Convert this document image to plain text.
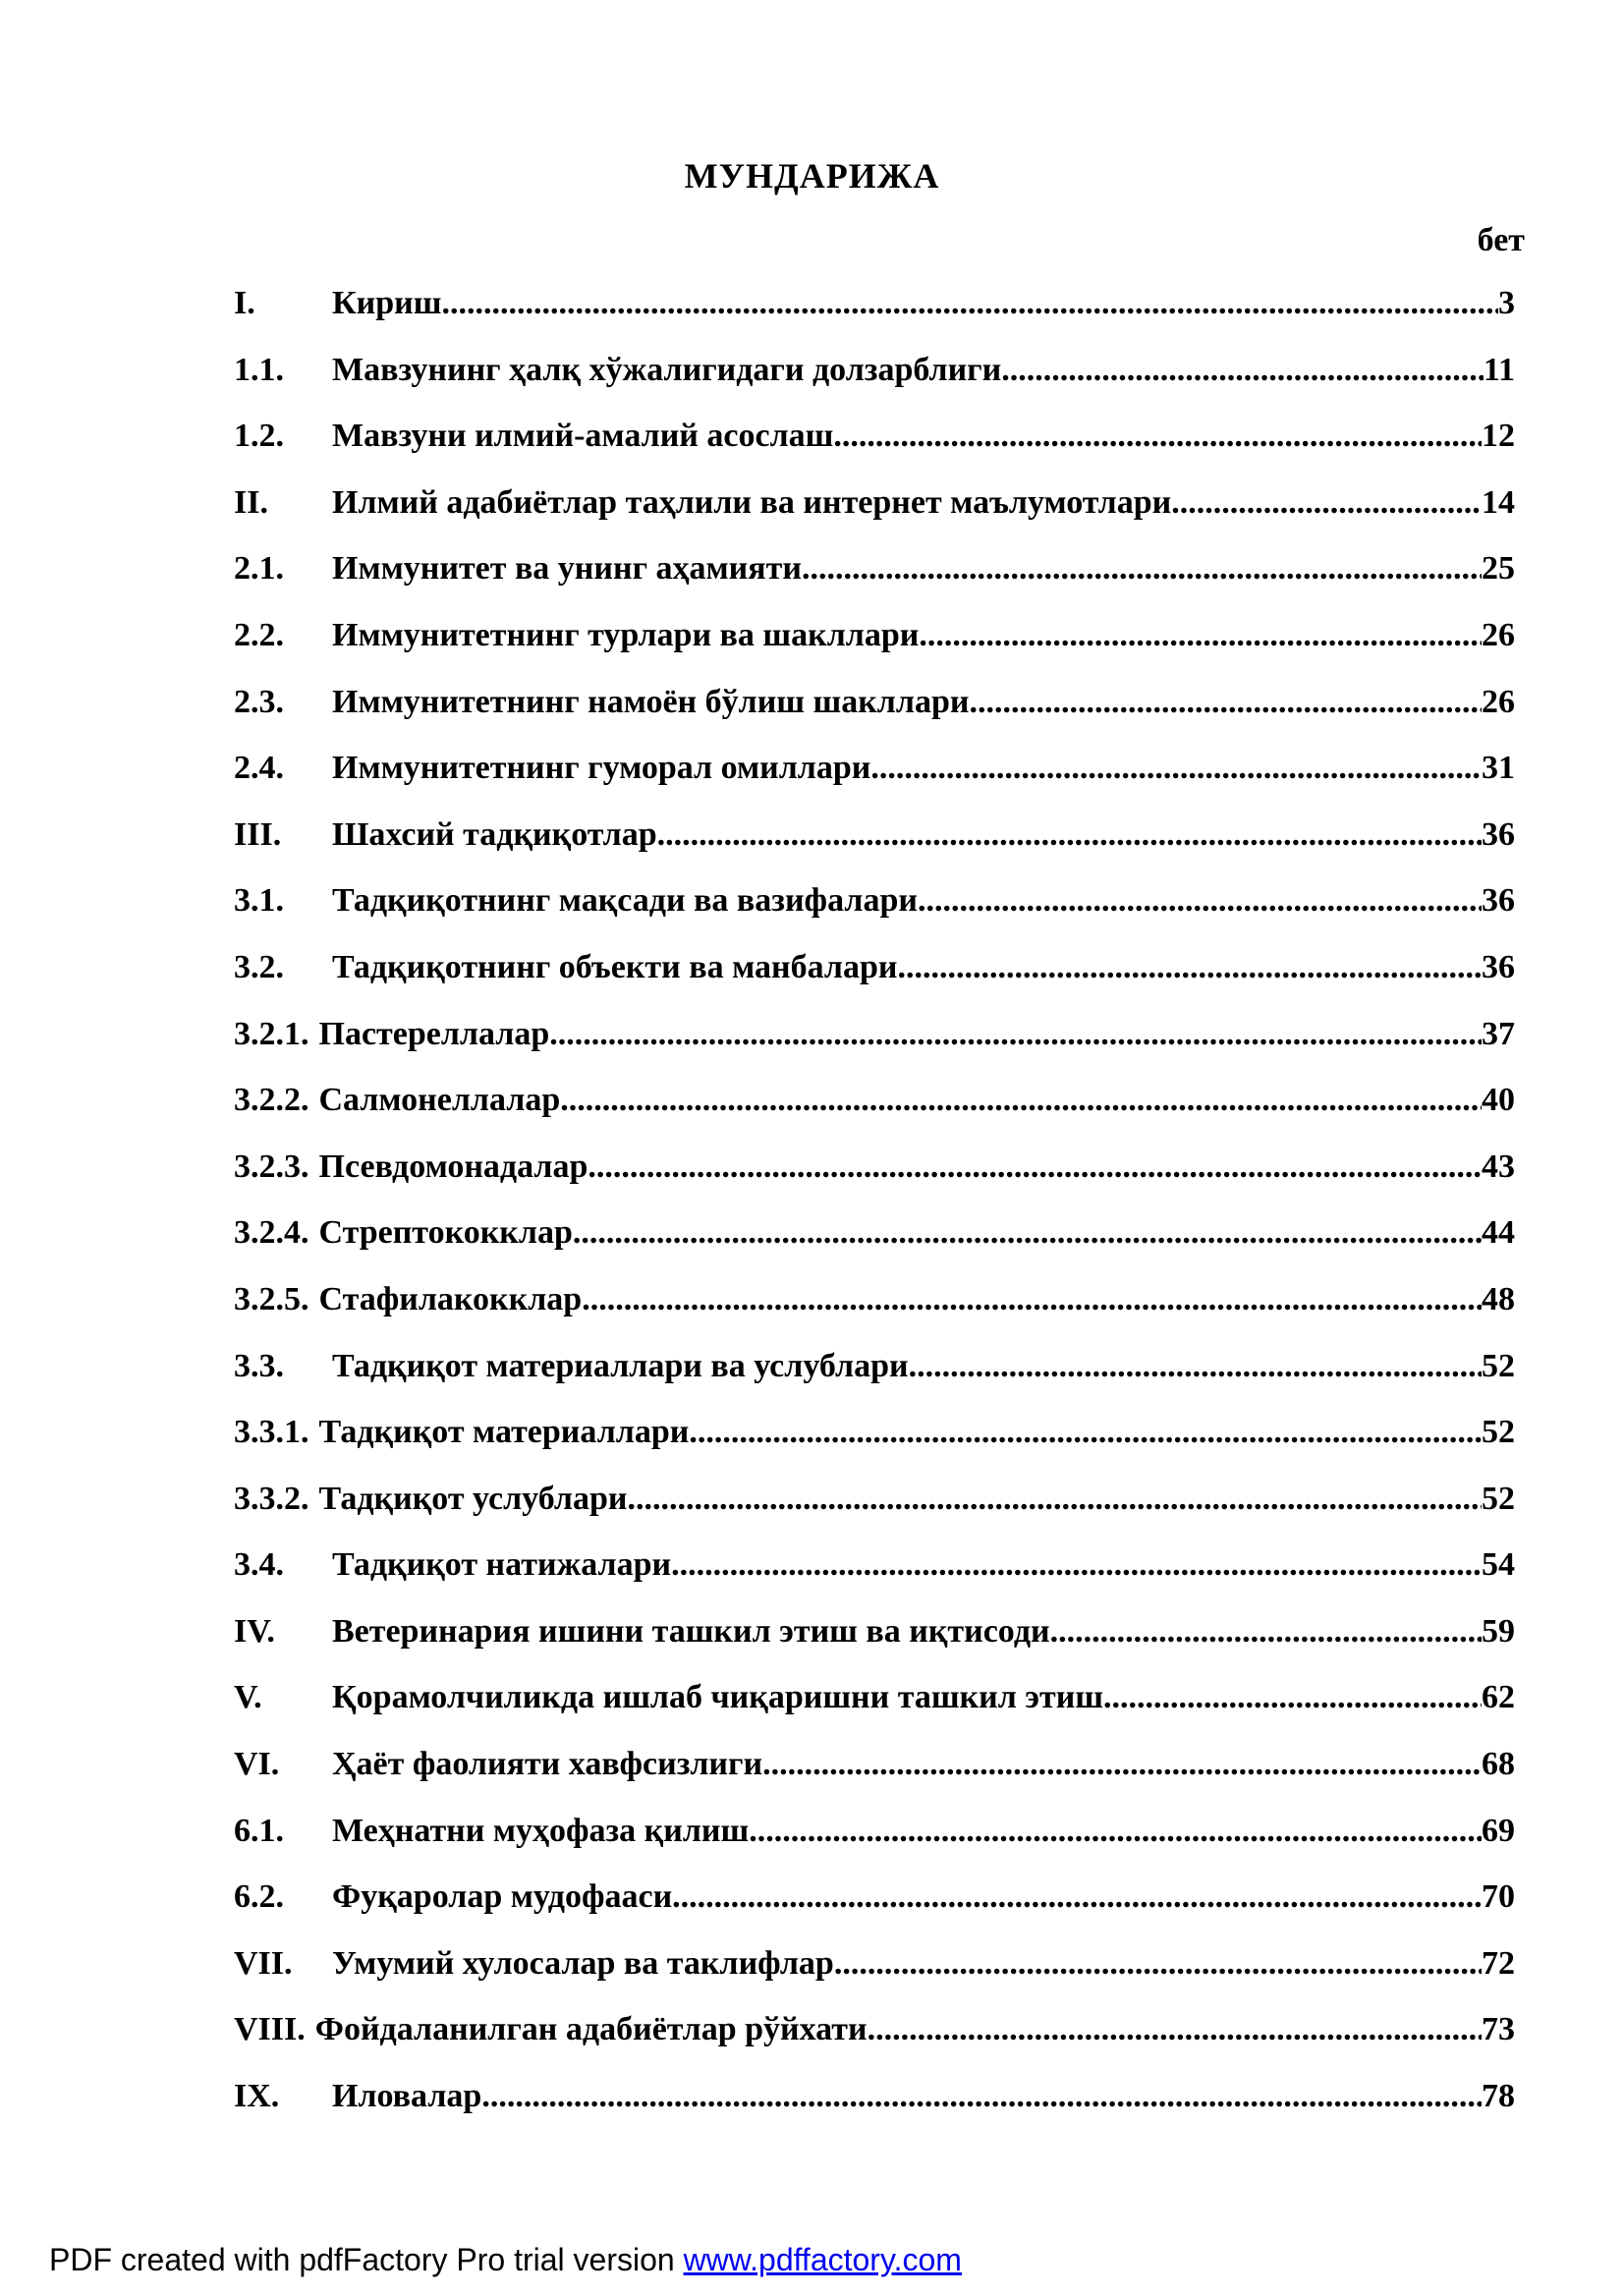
МУНДАРИЖА
бет
I.	Кириш .....	3
1.1.	Мавзунинг ҳалқ хўжалигидаги долзарблиги .....	11
1.2.	Мавзуни илмий-амалий асослаш .....	12
II.	Илмий адабиётлар таҳлили ва интернет маълумотлари .....	14
2.1.	Иммунитет ва унинг аҳамияти .....	25
2.2.	Иммунитетнинг турлари ва шакллари .....	26
2.3.	Иммунитетнинг намоён бўлиш шакллари .....	26
2.4.	Иммунитетнинг гуморал омиллари .....	31
III.	Шахсий тадқиқотлар .....	36
3.1.	Тадқиқотнинг мақсади ва вазифалари .....	36
3.2.	Тадқиқотнинг объекти ва манбалари .....	36
3.2.1. Пастереллалар .....	37
3.2.2. Салмонеллалар .....	40
3.2.3. Псевдомонадалар .....	43
3.2.4. Стрептококклар .....	44
3.2.5. Стафилакокклар .....	48
3.3.	Тадқиқот материаллари ва услублари .....	52
3.3.1. Тадқиқот материаллари .....	52
3.3.2. Тадқиқот услублари .....	52
3.4.	Тадқиқот натижалари .....	54
IV.	Ветеринария ишини ташкил этиш ва иқтисоди .....	59
V.	Қорамолчиликда ишлаб чиқаришни ташкил этиш .....	62
VI.	Ҳаёт фаолияти хавфсизлиги .....	68
6.1.	Меҳнатни муҳофаза қилиш .....	69
6.2.	Фуқаролар мудофааси .....	70
VII.	Умумий хулосалар ва таклифлар .....	72
VIII. Фойдаланилган адабиётлар рўйхати .....	73
IX.	Иловалар .....	78
PDF created with pdfFactory Pro trial version www.pdffactory.com
